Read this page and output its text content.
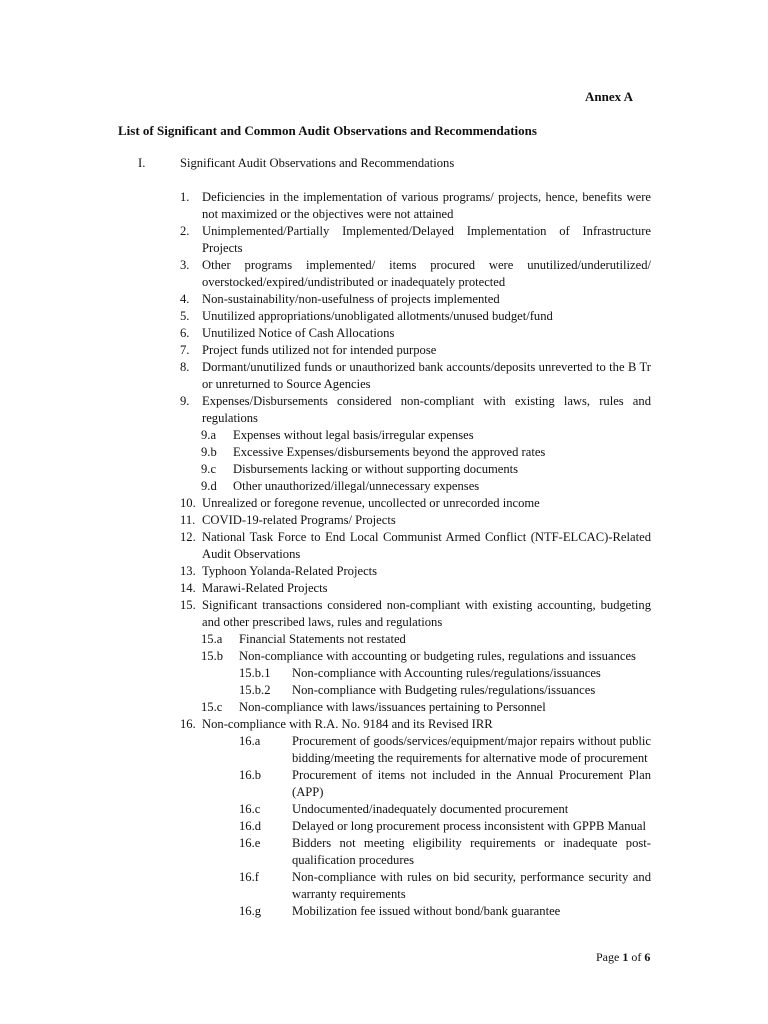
Annex A
List of Significant and Common Audit Observations and Recommendations
I.	Significant Audit Observations and Recommendations
1. Deficiencies in the implementation of various programs/ projects, hence, benefits were not maximized or the objectives were not attained
2. Unimplemented/Partially Implemented/Delayed Implementation of Infrastructure Projects
3. Other programs implemented/ items procured were unutilized/underutilized/ overstocked/expired/undistributed or inadequately protected
4. Non-sustainability/non-usefulness of projects implemented
5. Unutilized appropriations/unobligated allotments/unused budget/fund
6. Unutilized Notice of Cash Allocations
7. Project funds utilized not for intended purpose
8. Dormant/unutilized funds or unauthorized bank accounts/deposits unreverted to the B Tr or unreturned to Source Agencies
9. Expenses/Disbursements considered non-compliant with existing laws, rules and regulations
9.a Expenses without legal basis/irregular expenses
9.b Excessive Expenses/disbursements beyond the approved rates
9.c Disbursements lacking or without supporting documents
9.d Other unauthorized/illegal/unnecessary expenses
10. Unrealized or foregone revenue, uncollected or unrecorded income
11. COVID-19-related Programs/ Projects
12. National Task Force to End Local Communist Armed Conflict (NTF-ELCAC)-Related Audit Observations
13. Typhoon Yolanda-Related Projects
14. Marawi-Related Projects
15. Significant transactions considered non-compliant with existing accounting, budgeting and other prescribed laws, rules and regulations
15.a Financial Statements not restated
15.b Non-compliance with accounting or budgeting rules, regulations and issuances
15.b.1 Non-compliance with Accounting rules/regulations/issuances
15.b.2 Non-compliance with Budgeting rules/regulations/issuances
15.c Non-compliance with laws/issuances pertaining to Personnel
16. Non-compliance with R.A. No. 9184 and its Revised IRR
16.a	Procurement of goods/services/equipment/major repairs without public bidding/meeting the requirements for alternative mode of procurement
16.b Procurement of items not included in the Annual Procurement Plan (APP)
16.c	Undocumented/inadequately documented procurement
16.d Delayed or long procurement process inconsistent with GPPB Manual
16.e	Bidders not meeting eligibility requirements or inadequate post-qualification procedures
16.f	Non-compliance with rules on bid security, performance security and warranty requirements
16.g Mobilization fee issued without bond/bank guarantee
Page 1 of 6
